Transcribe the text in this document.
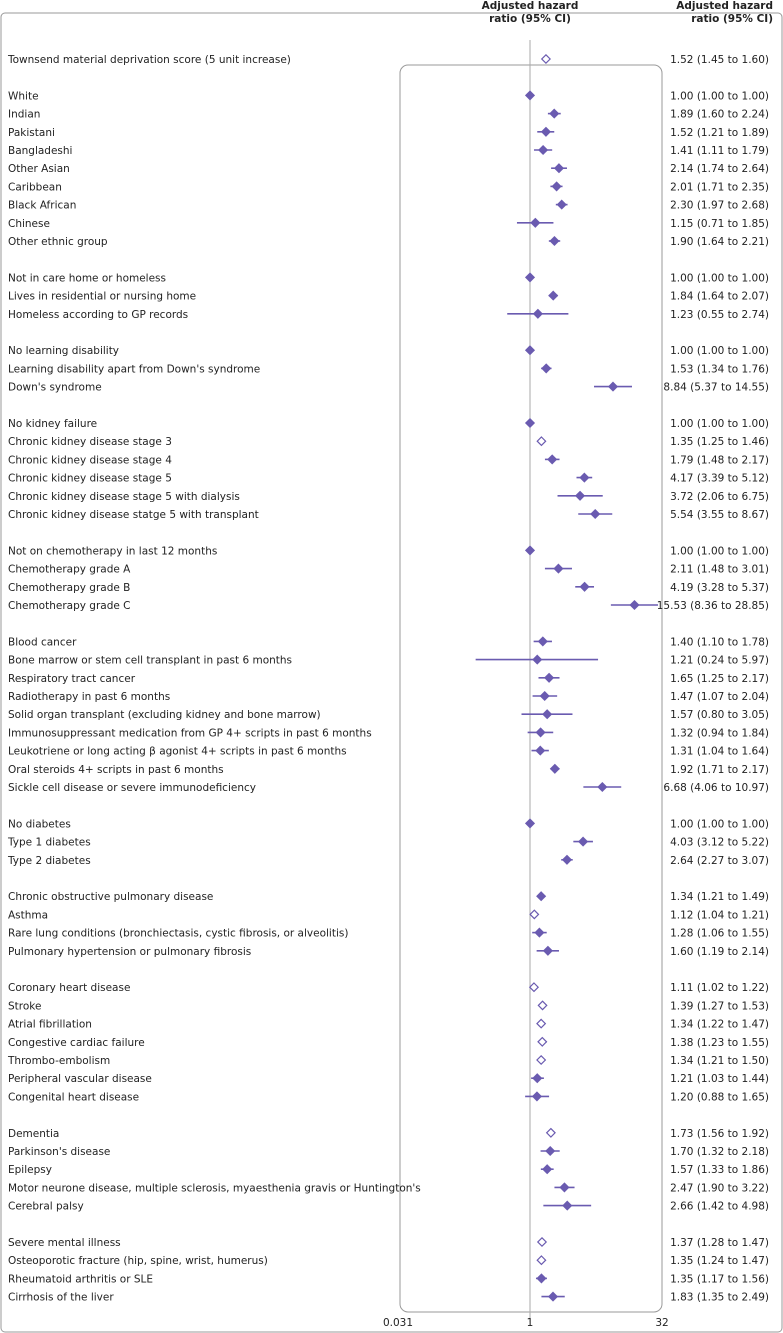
Adjusted hazard
ratio (95% CI)
Adjusted hazard
ratio (95% CI)
0.031	1	32
Townsend material deprivation score (5 unit increase)	1.52 (1.45 to 1.60)
White	1.00 (1.00 to 1.00)
Indian	1.89 (1.60 to 2.24)
Pakistani	1.52 (1.21 to 1.89)
Bangladeshi	1.41 (1.11 to 1.79)
Other Asian	2.14 (1.74 to 2.64)
Caribbean	2.01 (1.71 to 2.35)
Black African	2.30 (1.97 to 2.68)
Chinese	1.15 (0.71 to 1.85)
Other ethnic group	1.90 (1.64 to 2.21)
Not in care home or homeless	1.00 (1.00 to 1.00)
Lives in residential or nursing home	1.84 (1.64 to 2.07)
Homeless according to GP records	1.23 (0.55 to 2.74)
No learning disability	1.00 (1.00 to 1.00)
Learning disability apart from Down's syndrome	1.53 (1.34 to 1.76)
Down's syndrome	8.84 (5.37 to 14.55)
No kidney failure	1.00 (1.00 to 1.00)
Chronic kidney disease stage 3	1.35 (1.25 to 1.46)
Chronic kidney disease stage 4	1.79 (1.48 to 2.17)
Chronic kidney disease stage 5	4.17 (3.39 to 5.12)
Chronic kidney disease stage 5 with dialysis	3.72 (2.06 to 6.75)
Chronic kidney disease statge 5 with transplant	5.54 (3.55 to 8.67)
Not on chemotherapy in last 12 months	1.00 (1.00 to 1.00)
Chemotherapy grade A	2.11 (1.48 to 3.01)
Chemotherapy grade B	4.19 (3.28 to 5.37)
Chemotherapy grade C	15.53 (8.36 to 28.85)
Blood cancer	1.40 (1.10 to 1.78)
Bone marrow or stem cell transplant in past 6 months	1.21 (0.24 to 5.97)
Respiratory tract cancer	1.65 (1.25 to 2.17)
Radiotherapy in past 6 months	1.47 (1.07 to 2.04)
Solid organ transplant (excluding kidney and bone marrow)	1.57 (0.80 to 3.05)
Immunosuppressant medication from GP 4+ scripts in past 6 months	1.32 (0.94 to 1.84)
Leukotriene or long acting β agonist 4+ scripts in past 6 months	1.31 (1.04 to 1.64)
Oral steroids 4+ scripts in past 6 months	1.92 (1.71 to 2.17)
Sickle cell disease or severe immunodeficiency	6.68 (4.06 to 10.97)
No diabetes	1.00 (1.00 to 1.00)
Type 1 diabetes	4.03 (3.12 to 5.22)
Type 2 diabetes	2.64 (2.27 to 3.07)
Chronic obstructive pulmonary disease	1.34 (1.21 to 1.49)
Asthma	1.12 (1.04 to 1.21)
Rare lung conditions (bronchiectasis, cystic fibrosis, or alveolitis)	1.28 (1.06 to 1.55)
Pulmonary hypertension or pulmonary fibrosis	1.60 (1.19 to 2.14)
Coronary heart disease	1.11 (1.02 to 1.22)
Stroke	1.39 (1.27 to 1.53)
Atrial fibrillation	1.34 (1.22 to 1.47)
Congestive cardiac failure	1.38 (1.23 to 1.55)
Thrombo-embolism	1.34 (1.21 to 1.50)
Peripheral vascular disease	1.21 (1.03 to 1.44)
Congenital heart disease	1.20 (0.88 to 1.65)
Dementia	1.73 (1.56 to 1.92)
Parkinson's disease	1.70 (1.32 to 2.18)
Epilepsy	1.57 (1.33 to 1.86)
Motor neurone disease, multiple sclerosis, myaesthenia gravis or Huntington's	2.47 (1.90 to 3.22)
Cerebral palsy	2.66 (1.42 to 4.98)
Severe mental illness	1.37 (1.28 to 1.47)
Osteoporotic fracture (hip, spine, wrist, humerus)	1.35 (1.24 to 1.47)
Rheumatoid arthritis or SLE	1.35 (1.17 to 1.56)
Cirrhosis of the liver	1.83 (1.35 to 2.49)
